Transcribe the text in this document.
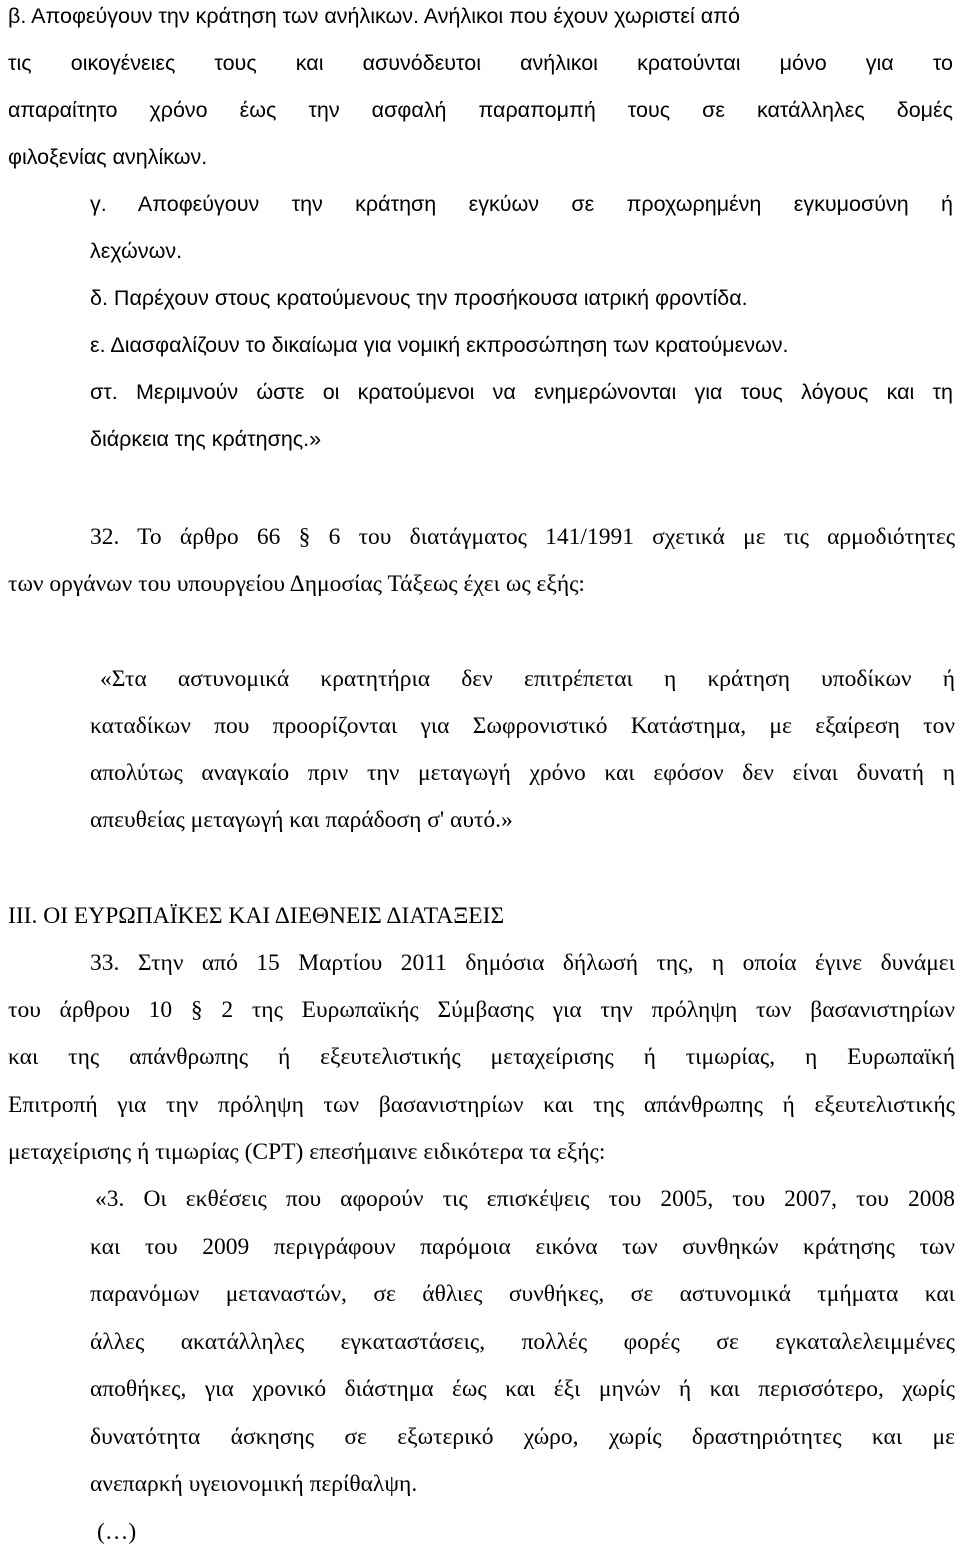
β. Αποφεύγουν την κράτηση των ανήλικων. Ανήλικοι που έχουν χωριστεί από
τις οικογένειες τους και ασυνόδευτοι ανήλικοι κρατούνται μόνο για το
απαραίτητο χρόνο έως την ασφαλή παραπομπή τους σε κατάλληλες δομές
φιλοξενίας ανηλίκων.
γ. Αποφεύγουν την κράτηση εγκύων σε προχωρημένη εγκυμοσύνη ή
λεχώνων.
δ. Παρέχουν στους κρατούμενους την προσήκουσα ιατρική φροντίδα.
ε. Διασφαλίζουν το δικαίωμα για νομική εκπροσώπηση των κρατούμενων.
στ. Μεριμνούν ώστε οι κρατούμενοι να ενημερώνονται για τους λόγους και τη
διάρκεια της κράτησης.»
32. Το άρθρο 66 § 6 του διατάγματος 141/1991 σχετικά με τις αρμοδιότητες
των οργάνων του υπουργείου Δημοσίας Τάξεως έχει ως εξής:
«Στα αστυνομικά κρατητήρια δεν επιτρέπεται η κράτηση υποδίκων ή
καταδίκων που προορίζονται για Σωφρονιστικό Κατάστημα, με εξαίρεση τον
απολύτως αναγκαίο πριν την μεταγωγή χρόνο και εφόσον δεν είναι δυνατή η
απευθείας μεταγωγή και παράδοση σ' αυτό.»
ΙΙΙ. ΟΙ ΕΥΡΩΠΑΪΚΕΣ ΚΑΙ ΔΙΕΘΝΕΙΣ ΔΙΑΤΑΞΕΙΣ
33. Στην από 15 Μαρτίου 2011 δημόσια δήλωσή της, η οποία έγινε δυνάμει
του άρθρου 10 § 2 της Ευρωπαϊκής Σύμβασης για την πρόληψη των βασανιστηρίων
και της απάνθρωπης ή εξευτελιστικής μεταχείρισης ή τιμωρίας, η Ευρωπαϊκή
Επιτροπή για την πρόληψη των βασανιστηρίων και της απάνθρωπης ή εξευτελιστικής
μεταχείρισης ή τιμωρίας (CPT) επεσήμαινε ειδικότερα τα εξής:
«3. Οι εκθέσεις που αφορούν τις επισκέψεις του 2005, του 2007, του 2008
και του 2009 περιγράφουν παρόμοια εικόνα των συνθηκών κράτησης των
παρανόμων μεταναστών, σε άθλιες συνθήκες, σε αστυνομικά τμήματα και
άλλες ακατάλληλες εγκαταστάσεις, πολλές φορές σε εγκαταλελειμμένες
αποθήκες, για χρονικό διάστημα έως και έξι μηνών ή και περισσότερο, χωρίς
δυνατότητα άσκησης σε εξωτερικό χώρο, χωρίς δραστηριότητες και με
ανεπαρκή υγειονομική περίθαλψη.
(…)
